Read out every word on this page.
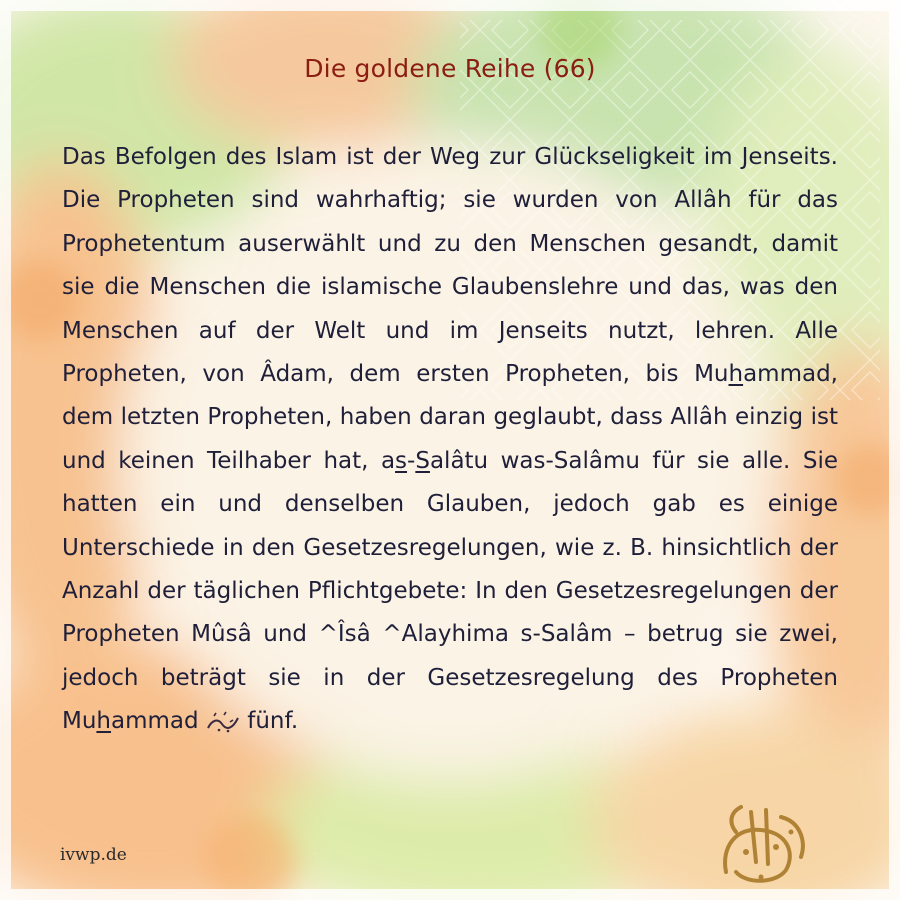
Die goldene Reihe (66)

Das Befolgen des Islam ist der Weg zur Glückseligkeit im Jenseits. Die Propheten sind wahrhaftig; sie wurden von Allâh für das Prophetentum auserwählt und zu den Menschen gesandt, damit sie die Menschen die islamische Glaubenslehre und das, was den Menschen auf der Welt und im Jenseits nutzt, lehren. Alle Propheten, von Âdam, dem ersten Propheten, bis Muhammad, dem letzten Propheten, haben daran geglaubt, dass Allâh einzig ist und keinen Teilhaber hat, as-Salâtu was-Salâmu für sie alle. Sie hatten ein und denselben Glauben, jedoch gab es einige Unterschiede in den Gesetzesregelungen, wie z. B. hinsichtlich der Anzahl der täglichen Pflichtgebete: In den Gesetzesregelungen der Propheten Mûsâ und ^Îsâ ^Alayhima s-Salâm – betrug sie zwei, jedoch beträgt sie in der Gesetzesregelung des Propheten Muhammad  fünf.

ivwp.de
